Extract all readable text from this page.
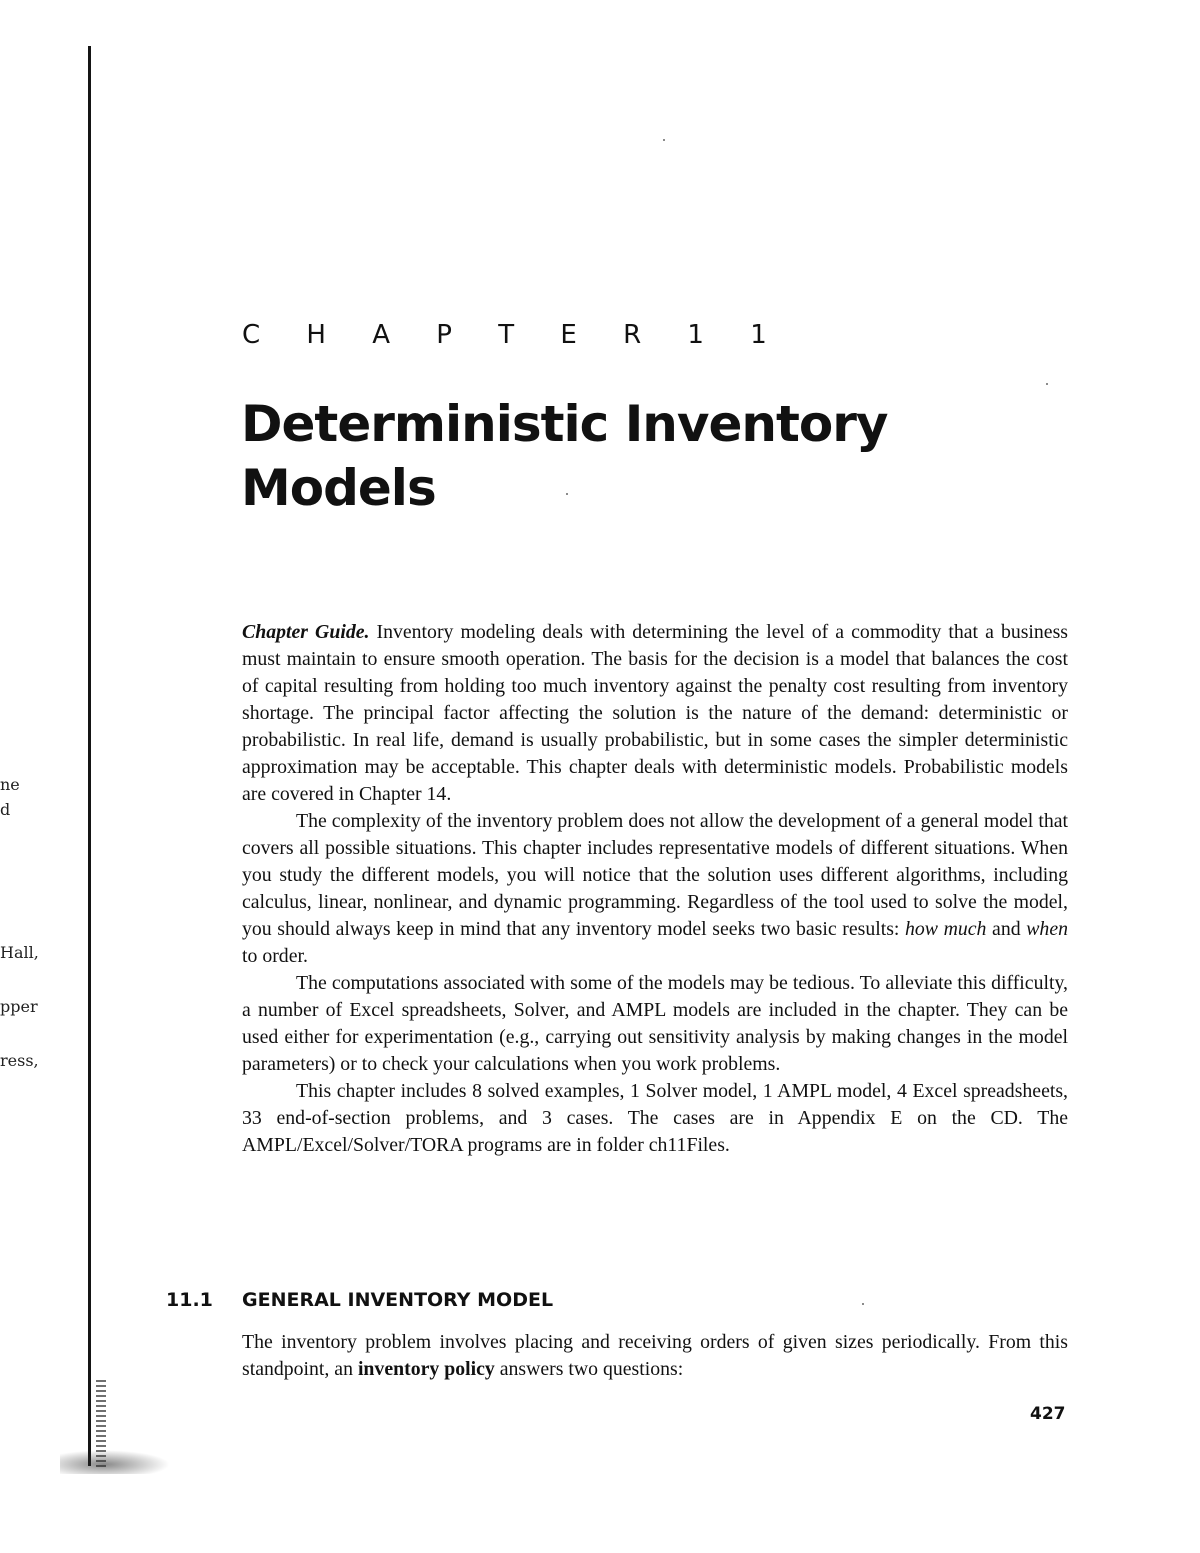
ne
d
Hall,
pper
ress,
C H A P T E R 1 1
Deterministic Inventory
Models

Chapter Guide. Inventory modeling deals with determining the level of a commodity that a business must maintain to ensure smooth operation. The basis for the decision is a model that balances the cost of capital resulting from holding too much inventory against the penalty cost resulting from inventory shortage. The principal factor affecting the solution is the nature of the demand: deterministic or probabilistic. In real life, demand is usually probabilistic, but in some cases the simpler deterministic approximation may be acceptable. This chapter deals with deterministic models. Probabilistic models are covered in Chapter 14.

The complexity of the inventory problem does not allow the development of a general model that covers all possible situations. This chapter includes representative models of different situations. When you study the different models, you will notice that the solution uses different algorithms, including calculus, linear, nonlinear, and dynamic programming. Regardless of the tool used to solve the model, you should always keep in mind that any inventory model seeks two basic results: how much and when to order.

The computations associated with some of the models may be tedious. To alleviate this difficulty, a number of Excel spreadsheets, Solver, and AMPL models are included in the chapter. They can be used either for experimentation (e.g., carrying out sensitivity analysis by making changes in the model parameters) or to check your calculations when you work problems.

This chapter includes 8 solved examples, 1 Solver model, 1 AMPL model, 4 Excel spreadsheets, 33 end-of-section problems, and 3 cases. The cases are in Appendix E on the CD. The AMPL/Excel/Solver/TORA programs are in folder ch11Files.

11.1 GENERAL INVENTORY MODEL

The inventory problem involves placing and receiving orders of given sizes periodically. From this standpoint, an inventory policy answers two questions:

427
